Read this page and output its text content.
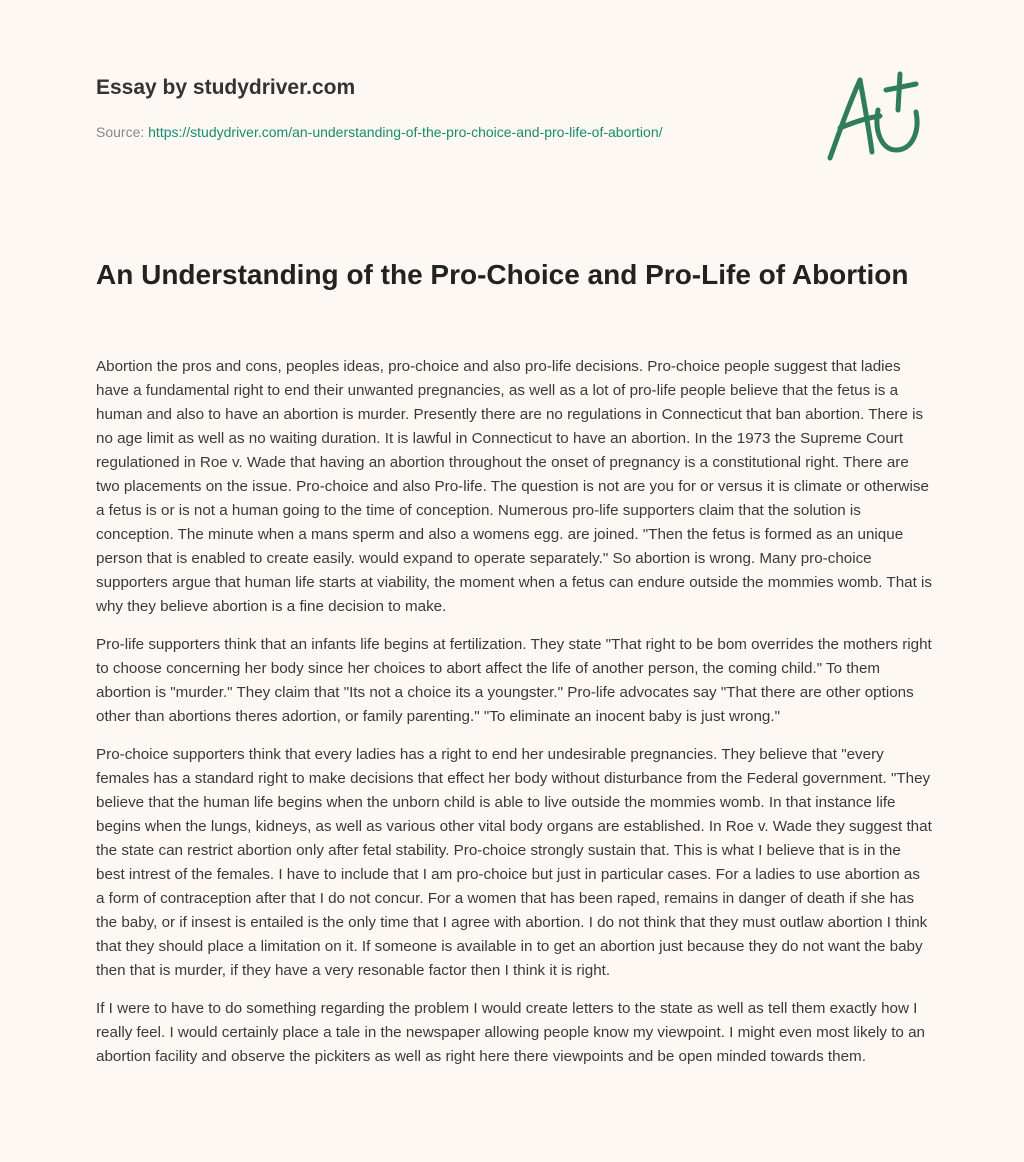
Essay by studydriver.com
Source: https://studydriver.com/an-understanding-of-the-pro-choice-and-pro-life-of-abortion/
An Understanding of the Pro-Choice and Pro-Life of Abortion

Abortion the pros and cons, peoples ideas, pro-choice and also pro-life decisions. Pro-choice people suggest that ladies have a fundamental right to end their unwanted pregnancies, as well as a lot of pro-life people believe that the fetus is a human and also to have an abortion is murder. Presently there are no regulations in Connecticut that ban abortion. There is no age limit as well as no waiting duration. It is lawful in Connecticut to have an abortion. In the 1973 the Supreme Court regulationed in Roe v. Wade that having an abortion throughout the onset of pregnancy is a constitutional right. There are two placements on the issue. Pro-choice and also Pro-life. The question is not are you for or versus it is climate or otherwise a fetus is or is not a human going to the time of conception. Numerous pro-life supporters claim that the solution is conception. The minute when a mans sperm and also a womens egg. are joined. "Then the fetus is formed as an unique person that is enabled to create easily. would expand to operate separately." So abortion is wrong. Many pro-choice supporters argue that human life starts at viability, the moment when a fetus can endure outside the mommies womb. That is why they believe abortion is a fine decision to make.

Pro-life supporters think that an infants life begins at fertilization. They state "That right to be bom overrides the mothers right to choose concerning her body since her choices to abort affect the life of another person, the coming child." To them abortion is "murder." They claim that "Its not a choice its a youngster." Pro-life advocates say "That there are other options other than abortions theres adortion, or family parenting." "To eliminate an inocent baby is just wrong."

Pro-choice supporters think that every ladies has a right to end her undesirable pregnancies. They believe that "every females has a standard right to make decisions that effect her body without disturbance from the Federal government. "They believe that the human life begins when the unborn child is able to live outside the mommies womb. In that instance life begins when the lungs, kidneys, as well as various other vital body organs are established. In Roe v. Wade they suggest that the state can restrict abortion only after fetal stability. Pro-choice strongly sustain that. This is what I believe that is in the best intrest of the females. I have to include that I am pro-choice but just in particular cases. For a ladies to use abortion as a form of contraception after that I do not concur. For a women that has been raped, remains in danger of death if she has the baby, or if insest is entailed is the only time that I agree with abortion. I do not think that they must outlaw abortion I think that they should place a limitation on it. If someone is available in to get an abortion just because they do not want the baby then that is murder, if they have a very resonable factor then I think it is right.

If I were to have to do something regarding the problem I would create letters to the state as well as tell them exactly how I really feel. I would certainly place a tale in the newspaper allowing people know my viewpoint. I might even most likely to an abortion facility and observe the pickiters as well as right here there viewpoints and be open minded towards them.
